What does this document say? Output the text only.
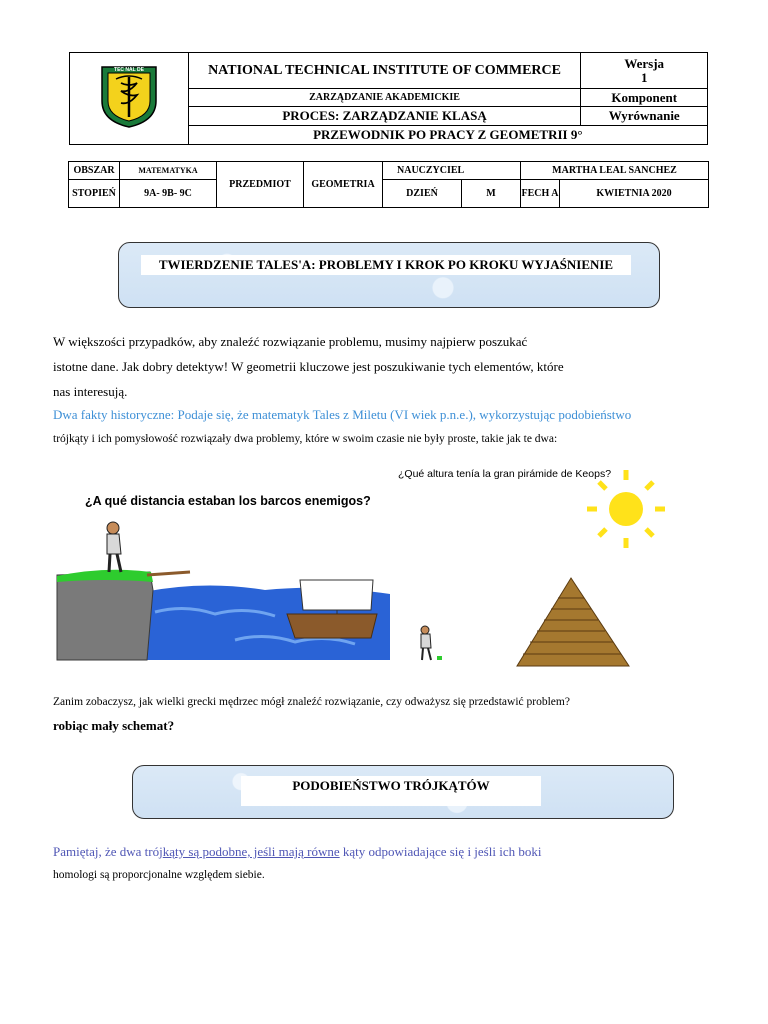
TEC NAL DE	NATIONAL TECHNICAL INSTITUTE OF COMMERCE	Wersja
1

	ZARZĄDZANIE AKADEMICKIE	Komponent
	PROCES: ZARZĄDZANIE KLASĄ	Wyrównanie
	PRZEWODNIK PO PRACY Z GEOMETRII 9°	
OBSZAR	MATEMATYKA	PRZEDMIOT	GEOMETRIA	NAUCZYCIEL		MARTHA LEAL SANCHEZ	
STOPIEŃ	9A- 9B- 9C			DZIEŃ	M	FECH A	KWIETNIA 2020
TWIERDZENIE TALES'A: PROBLEMY I KROK PO KROKU WYJAŚNIENIE
W większości przypadków, aby znaleźć rozwiązanie problemu, musimy najpierw poszukać
istotne dane. Jak dobry detektyw! W geometrii kluczowe jest poszukiwanie tych elementów, które
nas interesują.
Dwa fakty historyczne: Podaje się, że matematyk Tales z Miletu (VI wiek p.n.e.), wykorzystując podobieństwo
trójkąty i ich pomysłowość rozwiązały dwa problemy, które w swoim czasie nie były proste, takie jak te dwa:
¿A qué distancia estaban los barcos enemigos?
¿Qué altura tenía la gran pirámide de Keops?
Zanim zobaczysz, jak wielki grecki mędrzec mógł znaleźć rozwiązanie, czy odważysz się przedstawić problem?
robiąc mały schemat?
PODOBIEŃSTWO TRÓJKĄTÓW
Pamiętaj, że dwa trójkąty są podobne, jeśli mają równe kąty odpowiadające się i jeśli ich boki
homologi są proporcjonalne względem siebie.
